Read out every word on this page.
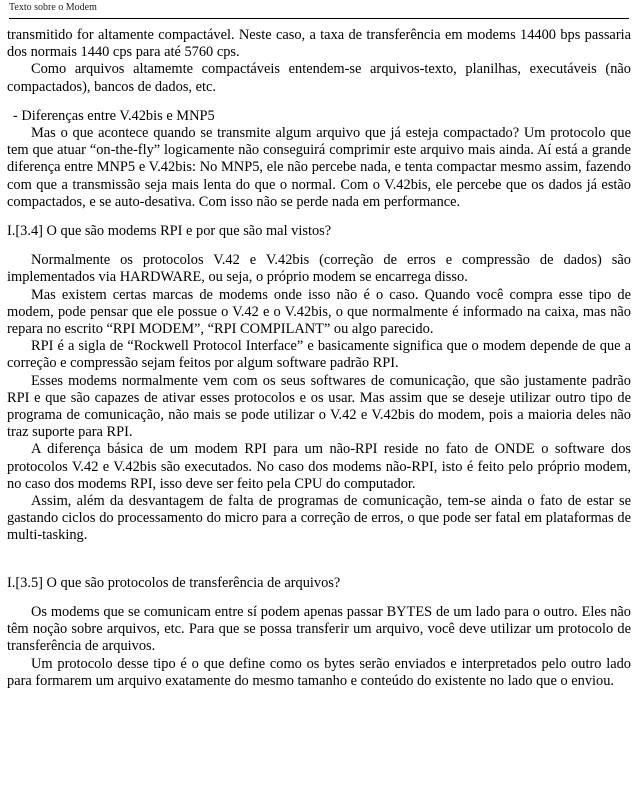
Texto sobre o Modem

transmitido for altamente compactável. Neste caso, a taxa de transferência em modems 14400 bps passaria dos normais 1440 cps para até 5760 cps.

Como arquivos altamemte compactáveis entendem-se arquivos-texto, planilhas, executáveis (não compactados), bancos de dados, etc.

- Diferenças entre V.42bis e MNP5

Mas o que acontece quando se transmite algum arquivo que já esteja compactado? Um protocolo que tem que atuar “on-the-fly” logicamente não conseguirá comprimir este arquivo mais ainda. Aí está a grande diferença entre MNP5 e V.42bis: No MNP5, ele não percebe nada, e tenta compactar mesmo assim, fazendo com que a transmissão seja mais lenta do que o normal. Com o V.42bis, ele percebe que os dados já estão compactados, e se auto-desativa. Com isso não se perde nada em performance.

I.[3.4] O que são modems RPI e por que são mal vistos?

Normalmente os protocolos V.42 e V.42bis (correção de erros e compressão de dados) são implementados via HARDWARE, ou seja, o próprio modem se encarrega disso.

Mas existem certas marcas de modems onde isso não é o caso. Quando você compra esse tipo de modem, pode pensar que ele possue o V.42 e o V.42bis, o que normalmente é informado na caixa, mas não repara no escrito “RPI MODEM”, “RPI COMPILANT” ou algo parecido.

RPI é a sigla de “Rockwell Protocol Interface” e basicamente significa que o modem depende de que a correção e compressão sejam feitos por algum software padrão RPI.

Esses modems normalmente vem com os seus softwares de comunicação, que são justamente padrão RPI e que são capazes de ativar esses protocolos e os usar. Mas assim que se deseje utilizar outro tipo de programa de comunicação, não mais se pode utilizar o V.42 e V.42bis do modem, pois a maioria deles não traz suporte para RPI.

A diferença básica de um modem RPI para um não-RPI reside no fato de ONDE o software dos protocolos V.42 e V.42bis são executados. No caso dos modems não-RPI, isto é feito pelo próprio modem, no caso dos modems RPI, isso deve ser feito pela CPU do computador.

Assim, além da desvantagem de falta de programas de comunicação, tem-se ainda o fato de estar se gastando ciclos do processamento do micro para a correção de erros, o que pode ser fatal em plataformas de multi-tasking.

I.[3.5] O que são protocolos de transferência de arquivos?

Os modems que se comunicam entre sí podem apenas passar BYTES de um lado para o outro. Eles não têm noção sobre arquivos, etc. Para que se possa transferir um arquivo, você deve utilizar um protocolo de transferência de arquivos.

Um protocolo desse tipo é o que define como os bytes serão enviados e interpretados pelo outro lado para formarem um arquivo exatamente do mesmo tamanho e conteúdo do existente no lado que o enviou.
